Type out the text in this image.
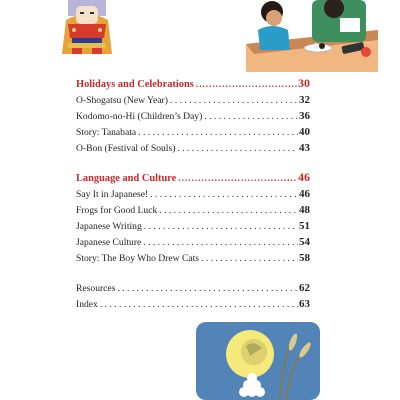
Holidays and Celebrations .....	30
O-Shogatsu (New Year) . . .	32
Kodomo-no-Hi (Children’s Day) . . .	36
Story: Tanabata . . .	40
O-Bon (Festival of Souls) . . .	43
Language and Culture .....	46
Say It in Japanese! . . .	46
Frogs for Good Luck . . .	48
Japanese Writing . . .	51
Japanese Culture . . .	54
Story: The Boy Who Drew Cats . . .	58
Resources . . .	62
Index . . .	63
